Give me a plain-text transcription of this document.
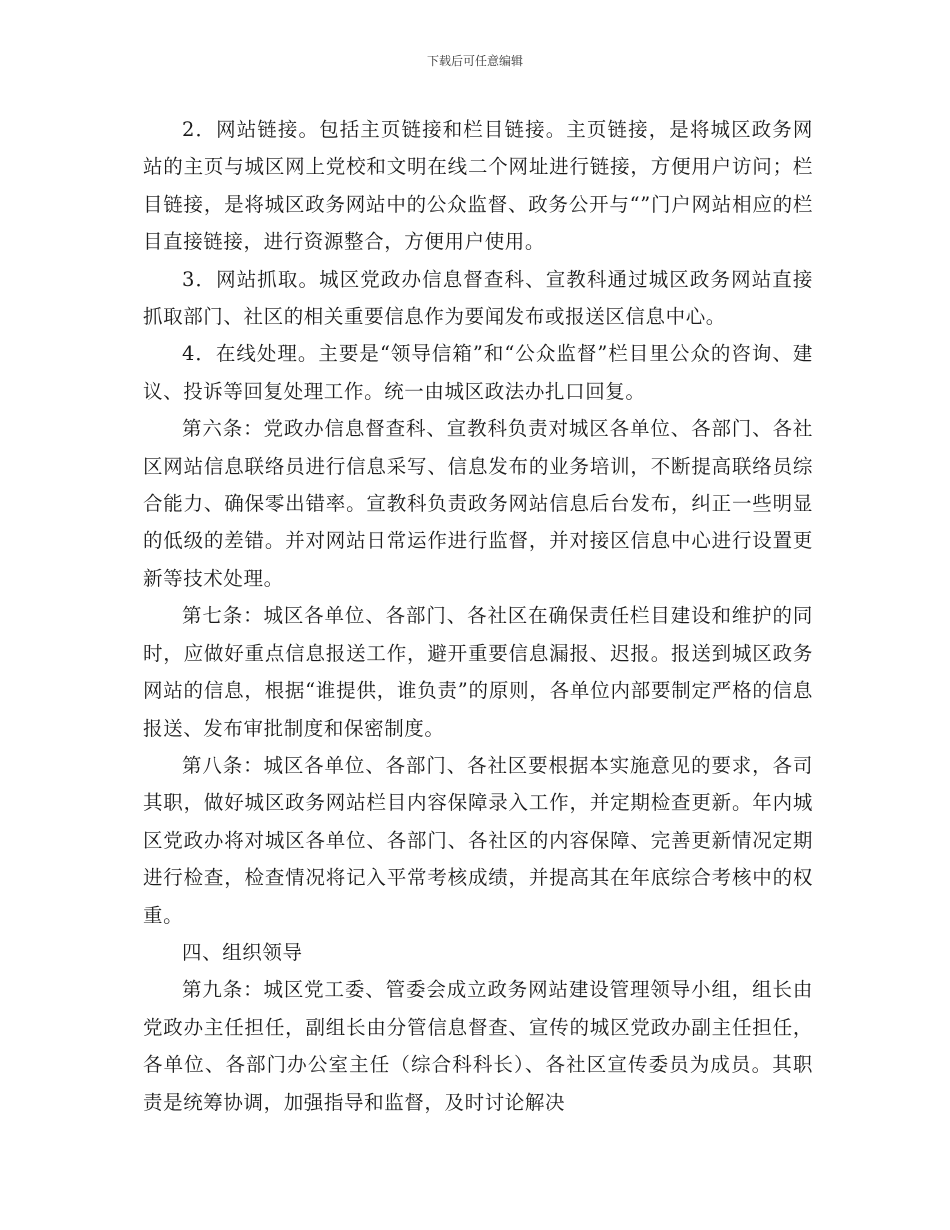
下载后可任意编辑

2．网站链接。包括主页链接和栏目链接。主页链接，是将城区政务网站的主页与城区网上党校和文明在线二个网址进行链接，方便用户访问；栏目链接，是将城区政务网站中的公众监督、政务公开与“”门户网站相应的栏目直接链接，进行资源整合，方便用户使用。

3．网站抓取。城区党政办信息督查科、宣教科通过城区政务网站直接抓取部门、社区的相关重要信息作为要闻发布或报送区信息中心。

4．在线处理。主要是“领导信箱”和“公众监督”栏目里公众的咨询、建议、投诉等回复处理工作。统一由城区政法办扎口回复。

第六条：党政办信息督查科、宣教科负责对城区各单位、各部门、各社区网站信息联络员进行信息采写、信息发布的业务培训，不断提高联络员综合能力、确保零出错率。宣教科负责政务网站信息后台发布，纠正一些明显的低级的差错。并对网站日常运作进行监督，并对接区信息中心进行设置更新等技术处理。

第七条：城区各单位、各部门、各社区在确保责任栏目建设和维护的同时，应做好重点信息报送工作，避开重要信息漏报、迟报。报送到城区政务网站的信息，根据“谁提供，谁负责”的原则，各单位内部要制定严格的信息报送、发布审批制度和保密制度。

第八条：城区各单位、各部门、各社区要根据本实施意见的要求，各司其职，做好城区政务网站栏目内容保障录入工作，并定期检查更新。年内城区党政办将对城区各单位、各部门、各社区的内容保障、完善更新情况定期进行检查，检查情况将记入平常考核成绩，并提高其在年底综合考核中的权重。

四、组织领导

第九条：城区党工委、管委会成立政务网站建设管理领导小组，组长由党政办主任担任，副组长由分管信息督查、宣传的城区党政办副主任担任，各单位、各部门办公室主任（综合科科长）、各社区宣传委员为成员。其职责是统筹协调，加强指导和监督，及时讨论解决
